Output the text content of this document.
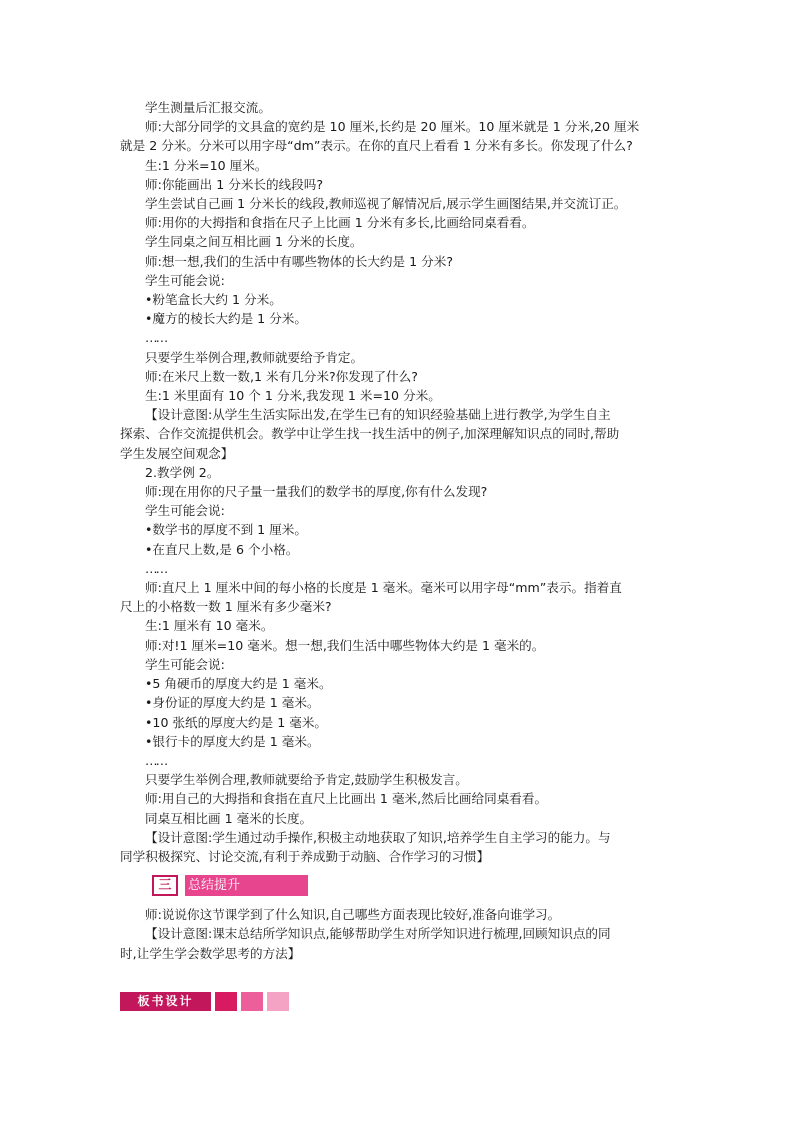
学生测量后汇报交流。

师:大部分同学的文具盒的宽约是 10 厘米,长约是 20 厘米。10 厘米就是 1 分米,20 厘米

就是 2 分米。分米可以用字母“dm”表示。在你的直尺上看看 1 分米有多长。你发现了什么?

生:1 分米=10 厘米。

师:你能画出 1 分米长的线段吗?

学生尝试自己画 1 分米长的线段,教师巡视了解情况后,展示学生画图结果,并交流订正。

师:用你的大拇指和食指在尺子上比画 1 分米有多长,比画给同桌看看。

学生同桌之间互相比画 1 分米的长度。

师:想一想,我们的生活中有哪些物体的长大约是 1 分米?

学生可能会说:

•粉笔盒长大约 1 分米。

•魔方的棱长大约是 1 分米。

……

只要学生举例合理,教师就要给予肯定。

师:在米尺上数一数,1 米有几分米?你发现了什么?

生:1 米里面有 10 个 1 分米,我发现 1 米=10 分米。

【设计意图:从学生生活实际出发,在学生已有的知识经验基础上进行教学,为学生自主

探索、合作交流提供机会。教学中让学生找一找生活中的例子,加深理解知识点的同时,帮助

学生发展空间观念】

2.教学例 2。

师:现在用你的尺子量一量我们的数学书的厚度,你有什么发现?

学生可能会说:

•数学书的厚度不到 1 厘米。

•在直尺上数,是 6 个小格。

……

师:直尺上 1 厘米中间的每小格的长度是 1 毫米。毫米可以用字母“mm”表示。指着直

尺上的小格数一数 1 厘米有多少毫米?

生:1 厘米有 10 毫米。

师:对!1 厘米=10 毫米。想一想,我们生活中哪些物体大约是 1 毫米的。

学生可能会说:

•5 角硬币的厚度大约是 1 毫米。

•身份证的厚度大约是 1 毫米。

•10 张纸的厚度大约是 1 毫米。

•银行卡的厚度大约是 1 毫米。

……

只要学生举例合理,教师就要给予肯定,鼓励学生积极发言。

师:用自己的大拇指和食指在直尺上比画出 1 毫米,然后比画给同桌看看。

同桌互相比画 1 毫米的长度。

【设计意图:学生通过动手操作,积极主动地获取了知识,培养学生自主学习的能力。与

同学积极探究、讨论交流,有利于养成勤于动脑、合作学习的习惯】

三	总结提升

师:说说你这节课学到了什么知识,自己哪些方面表现比较好,准备向谁学习。

【设计意图:课末总结所学知识点,能够帮助学生对所学知识进行梳理,回顾知识点的同

时,让学生学会数学思考的方法】

板书设计
